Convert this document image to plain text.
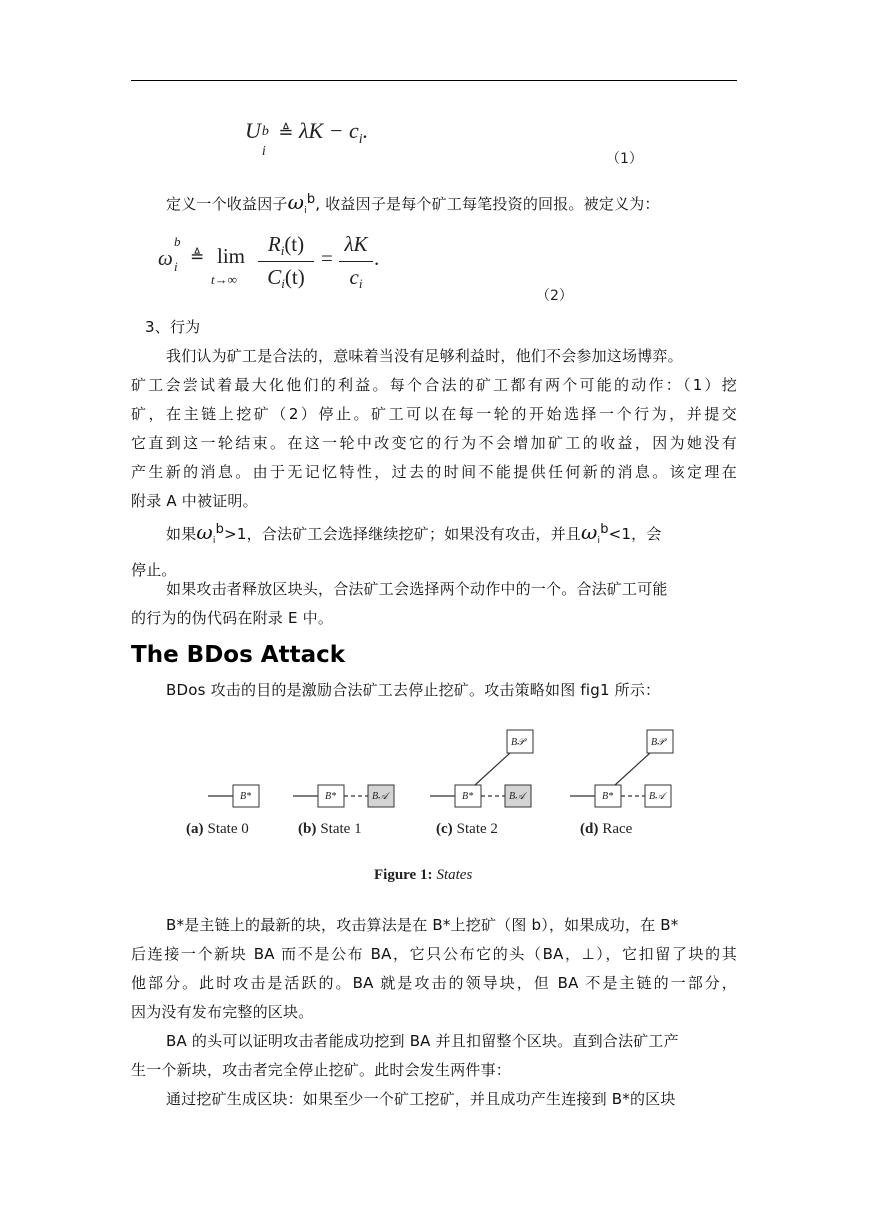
U b
i
≜ $\lambda K - c_i$.
（1）
定义一个收益因子$\omega_i^b$, 收益因子是每个矿工每笔投资的回报。被定义为：
ω
b
i
≜ lim
t→∞
Ri(t)
Ci(t)
=
λK
ci
.
（2）
3、行为
我们认为矿工是合法的，意味着当没有足够利益时，他们不会参加这场博弈。
矿工会尝试着最大化他们的利益。每个合法的矿工都有两个可能的动作：（1）挖
矿，在主链上挖矿（2）停止。矿工可以在每一轮的开始选择一个行为，并提交
它直到这一轮结束。在这一轮中改变它的行为不会增加矿工的收益，因为她没有
产生新的消息。由于无记忆特性，过去的时间不能提供任何新的消息。该定理在
附录 A 中被证明。
如果$\omega_i^b>1$，合法矿工会选择继续挖矿；如果没有攻击，并且$\omega_i^b<1$，会
停止。
如果攻击者释放区块头，合法矿工会选择两个动作中的一个。合法矿工可能
的行为的伪代码在附录 E 中。
The BDos Attack
BDos 攻击的目的是激励合法矿工去停止挖矿。攻击策略如图 fig1 所示：
B*	B*	B𝒜	B*	B𝒜
B𝒫
B*	B𝒜
B𝒫
(a) State 0	(b) State 1	(c) State 2	(d) Race
Figure 1: States
B*是主链上的最新的块，攻击算法是在 B*上挖矿（图 b），如果成功，在 B*
后连接一个新块 BA 而不是公布 BA，它只公布它的头（BA，⊥），它扣留了块的其
他部分。此时攻击是活跃的。BA 就是攻击的领导块，但 BA 不是主链的一部分，
因为没有发布完整的区块。
BA 的头可以证明攻击者能成功挖到 BA 并且扣留整个区块。直到合法矿工产
生一个新块，攻击者完全停止挖矿。此时会发生两件事：
通过挖矿生成区块：如果至少一个矿工挖矿，并且成功产生连接到 B*的区块
